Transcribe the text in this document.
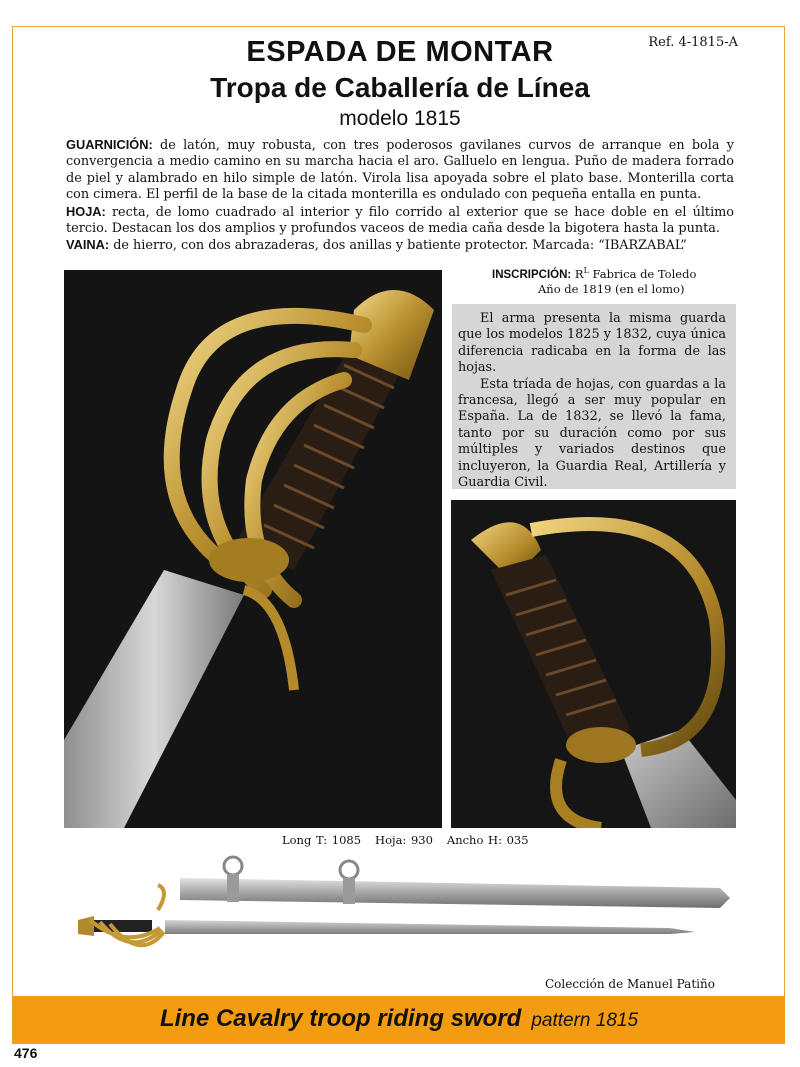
Ref. 4-1815-A
ESPADA DE MONTAR
Tropa de Caballería de Línea
modelo 1815

GUARNICIÓN: de latón, muy robusta, con tres poderosos gavilanes curvos de arranque en bola y convergencia a medio camino en su marcha hacia el aro. Galluelo en lengua. Puño de madera forrado de piel y alambrado en hilo simple de latón. Virola lisa apoyada sobre el plato base. Monterilla corta con cimera. El perfil de la base de la citada monterilla es ondulado con pequeña entalla en punta.

HOJA: recta, de lomo cuadrado al interior y filo corrido al exterior que se hace doble en el último tercio. Destacan los dos amplios y profundos vaceos de media caña desde la bigotera hasta la punta.

VAINA: de hierro, con dos abrazaderas, dos anillas y batiente protector. Marcada: “IBARZABAL”

INSCRIPCIÓN: $R^L$ Fabrica de Toledo
Año de 1819 (en el lomo)

El arma presenta la misma guarda que los modelos 1825 y 1832, cuya única diferencia radicaba en la forma de las hojas.

Esta tríada de hojas, con guardas a la francesa, llegó a ser muy popular en España. La de 1832, se llevó la fama, tanto por su duración como por sus múltiples y variados destinos que incluyeron, la Guardia Real, Artillería y Guardia Civil.

Long T: 1085 Hoja: 930 Ancho H: 035
Colección de Manuel Patiño
Line Cavalry troop riding sword pattern 1815
476
